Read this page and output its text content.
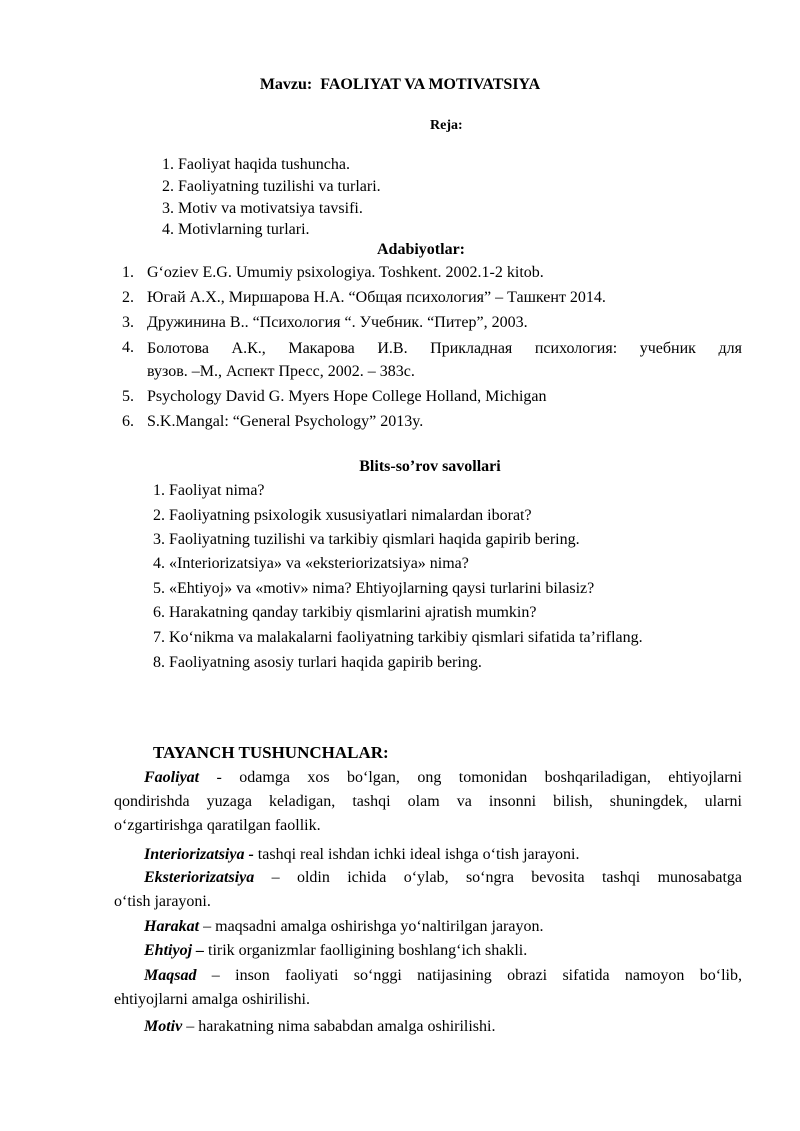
Mavzu: FAOLIYAT VA MOTIVATSIYA
Reja:
1. Faoliyat haqida tushuncha.
2. Faoliyatning tuzilishi va turlari.
3. Motiv va motivatsiya tavsifi.
4. Motivlarning turlari.
Adabiyotlar:
1. G‘oziev E.G. Umumiy psixologiya. Toshkent. 2002.1-2 kitob.
2. Югай А.Х., Миршарова Н.А. “Общая психология” – Ташкент 2014.
3. Дружинина В.. “Психология “. Учебник. “Питер”, 2003.
4. Болотова А.К., Макарова И.В. Прикладная психология: учебник для
вузов. –М., Аспект Пресс, 2002. – 383с.
5. Psychology David G. Myers Hope College Holland, Michigan
6. S.K.Mangal: “General Psychology” 2013y.
Blits-so’rov savollari
1. Faoliyat nima?
2. Faoliyatning psixologik xususiyatlari nimalardan iborat?
3. Faoliyatning tuzilishi va tarkibiy qismlari haqida gapirib bering.
4. «Interiorizatsiya» va «eksteriorizatsiya» nima?
5. «Ehtiyoj» va «motiv» nima? Ehtiyojlarning qaysi turlarini bilasiz?
6. Harakatning qanday tarkibiy qismlarini ajratish mumkin?
7. Ko‘nikma va malakalarni faoliyatning tarkibiy qismlari sifatida ta’riflang.
8. Faoliyatning asosiy turlari haqida gapirib bering.
TAYANCH TUSHUNCHALAR:
Faoliyat - odamga xos bo‘lgan, ong tomonidan boshqariladigan, ehtiyojlarni
qondirishda yuzaga keladigan, tashqi olam va insonni bilish, shuningdek, ularni
o‘zgartirishga qaratilgan faollik.
Interiorizatsiya - tashqi real ishdan ichki ideal ishga o‘tish jarayoni.
Eksteriorizatsiya – oldin ichida o‘ylab, so‘ngra bevosita tashqi munosabatga
o‘tish jarayoni.
Harakat – maqsadni amalga oshirishga yo‘naltirilgan jarayon.
Ehtiyoj – tirik organizmlar faolligining boshlang‘ich shakli.
Maqsad – inson faoliyati so‘nggi natijasining obrazi sifatida namoyon bo‘lib,
ehtiyojlarni amalga oshirilishi.
Motiv – harakatning nima sababdan amalga oshirilishi.
